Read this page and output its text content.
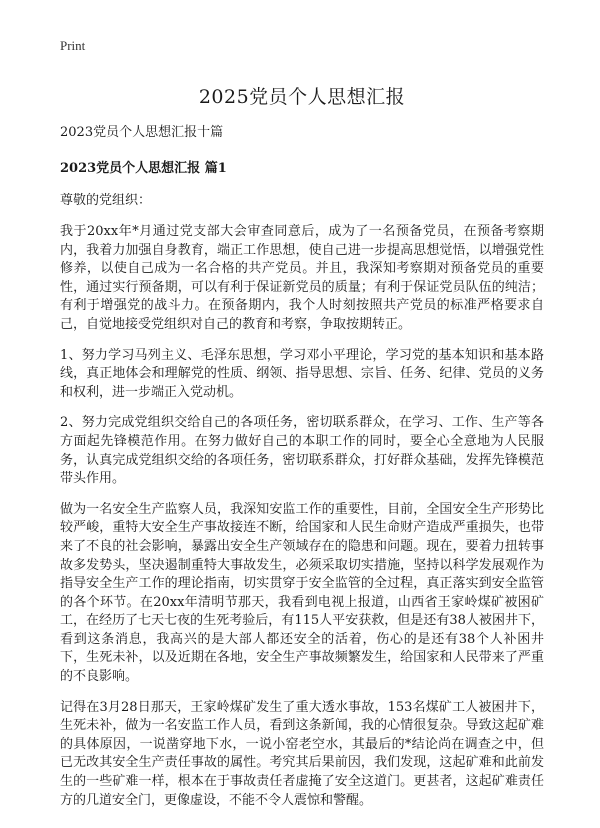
Print
2025党员个人思想汇报

2023党员个人思想汇报十篇

2023党员个人思想汇报 篇1

尊敬的党组织：

我于20xx年*月通过党支部大会审查同意后，成为了一名预备党员，在预备考察期内，我着力加强自身教育，端正工作思想，使自己进一步提高思想觉悟，以增强党性修养，以使自己成为一名合格的共产党员。并且，我深知考察期对预备党员的重要性，通过实行预备期，可以有利于保证新党员的质量；有利于保证党员队伍的纯洁；有利于增强党的战斗力。在预备期内，我个人时刻按照共产党员的标准严格要求自己，自觉地接受党组织对自己的教育和考察，争取按期转正。

1、努力学习马列主义、毛泽东思想，学习邓小平理论，学习党的基本知识和基本路线，真正地体会和理解党的性质、纲领、指导思想、宗旨、任务、纪律、党员的义务和权利，进一步端正入党动机。

2、努力完成党组织交给自己的各项任务，密切联系群众，在学习、工作、生产等各方面起先锋模范作用。在努力做好自己的本职工作的同时，要全心全意地为人民服务，认真完成党组织交给的各项任务，密切联系群众，打好群众基础，发挥先锋模范带头作用。

做为一名安全生产监察人员，我深知安监工作的重要性，目前，全国安全生产形势比较严峻，重特大安全生产事故接连不断，给国家和人民生命财产造成严重损失，也带来了不良的社会影响，暴露出安全生产领域存在的隐患和问题。现在，要着力扭转事故多发势头，坚决遏制重特大事故发生，必须采取切实措施，坚持以科学发展观作为指导安全生产工作的理论指南，切实贯穿于安全监管的全过程，真正落实到安全监管的各个环节。在20xx年清明节那天，我看到电视上报道，山西省王家岭煤矿被困矿工，在经历了七天七夜的生死考验后，有115人平安获救，但是还有38人被困井下，看到这条消息，我高兴的是大部人都还安全的活着，伤心的是还有38个人补困井下，生死未补，以及近期在各地，安全生产事故频繁发生，给国家和人民带来了严重的不良影响。

记得在3月28日那天，王家岭煤矿发生了重大透水事故，153名煤矿工人被困井下，生死未补，做为一名安监工作人员，看到这条新闻，我的心情很复杂。导致这起矿难的具体原因，一说凿穿地下水，一说小窑老空水，其最后的*结论尚在调查之中，但已无改其安全生产责任事故的属性。考究其后果前因，我们发现，这起矿难和此前发生的一些矿难一样，根本在于事故责任者虚掩了安全这道门。更甚者，这起矿难责任方的几道安全门，更像虚设，不能不令人震惊和警醒。
